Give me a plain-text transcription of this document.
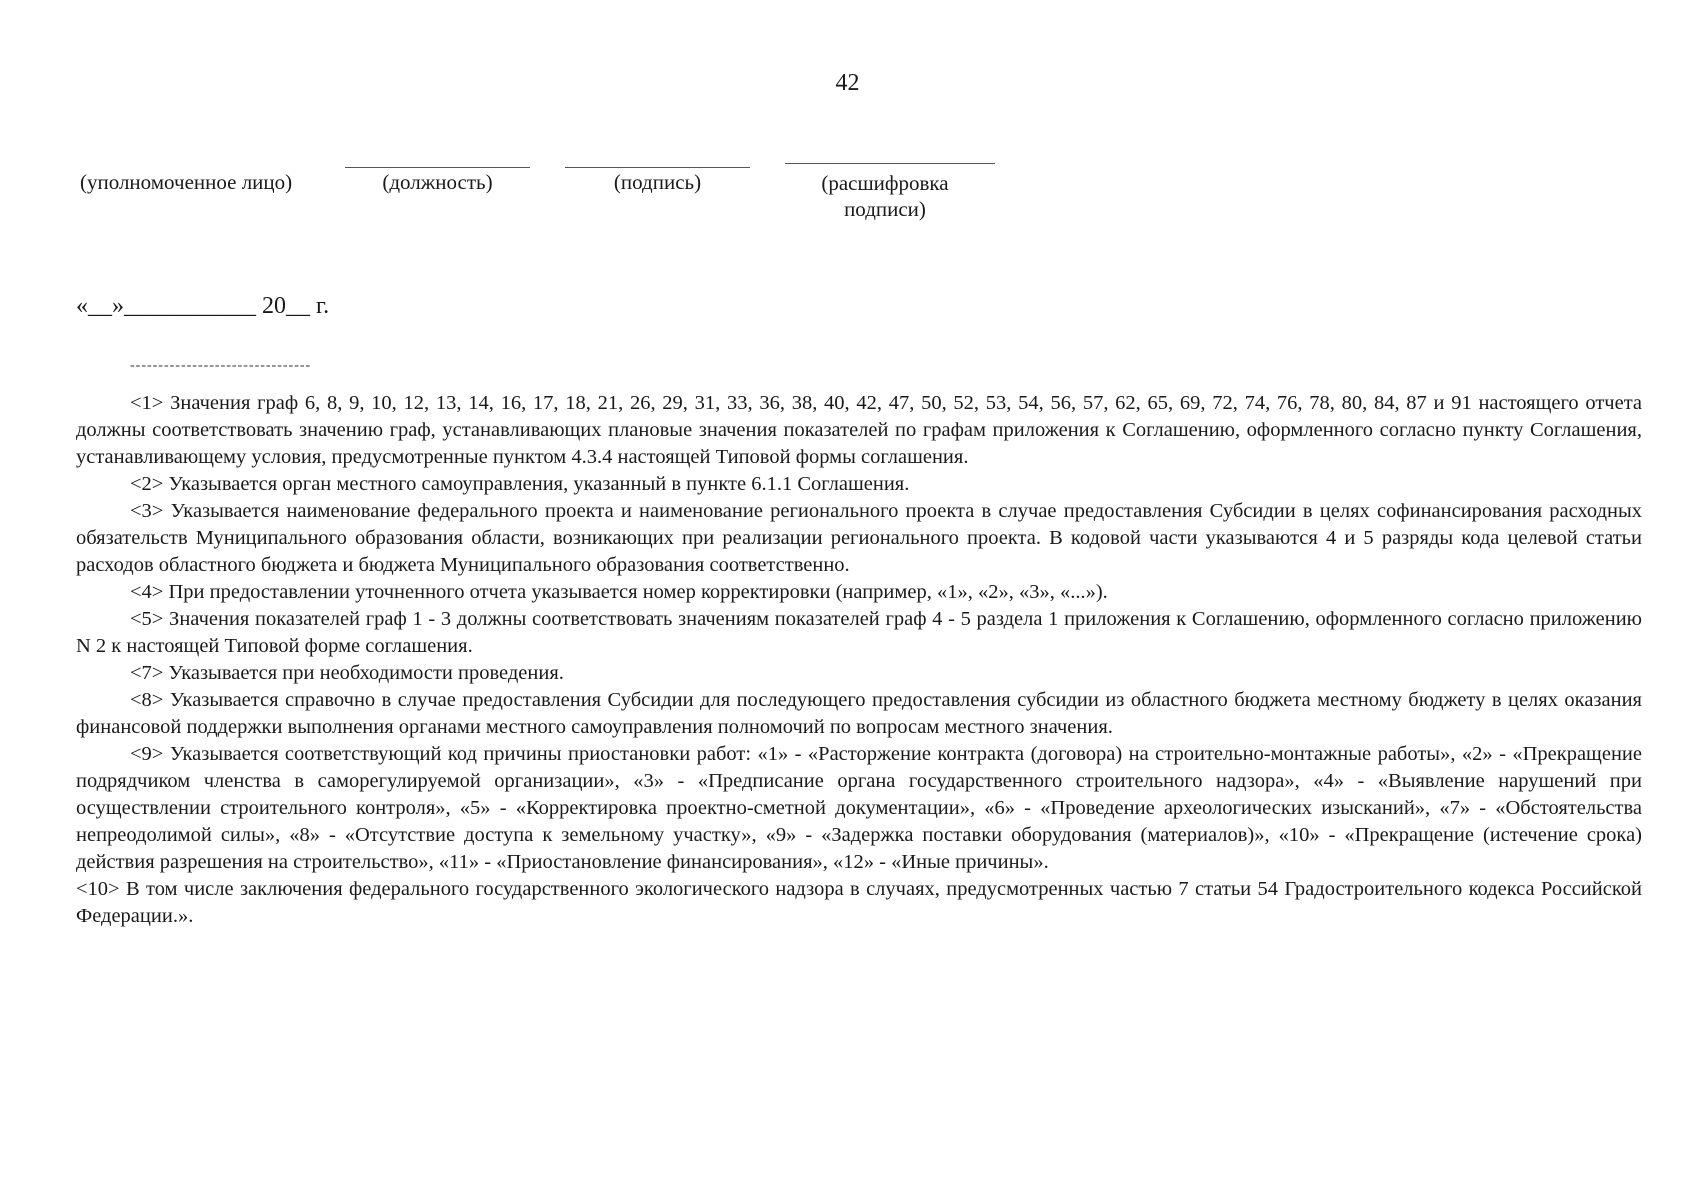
42
(уполномоченное лицо)	(должность)	(подпись)	(расшифровка подписи)
«__»___________ 20__ г.
--------------------------------

<1> Значения граф 6, 8, 9, 10, 12, 13, 14, 16, 17, 18, 21, 26, 29, 31, 33, 36, 38, 40, 42, 47, 50, 52, 53, 54, 56, 57, 62, 65, 69, 72, 74, 76, 78, 80, 84, 87 и 91 настоящего отчета должны соответствовать значению граф, устанавливающих плановые значения показателей по графам приложения к Соглашению, оформленного согласно пункту Соглашения, устанавливающему условия, предусмотренные пунктом 4.3.4 настоящей Типовой формы соглашения.

<2> Указывается орган местного самоуправления, указанный в пункте 6.1.1 Соглашения.

<3> Указывается наименование федерального проекта и наименование регионального проекта в случае предоставления Субсидии в целях софинансирования расходных обязательств Муниципального образования области, возникающих при реализации регионального проекта. В кодовой части указываются 4 и 5 разряды кода целевой статьи расходов областного бюджета и бюджета Муниципального образования соответственно.

<4> При предоставлении уточненного отчета указывается номер корректировки (например, «1», «2», «3», «...»).

<5> Значения показателей граф 1 - 3 должны соответствовать значениям показателей граф 4 - 5 раздела 1 приложения к Соглашению, оформленного согласно приложению N 2 к настоящей Типовой форме соглашения.

<7> Указывается при необходимости проведения.

<8> Указывается справочно в случае предоставления Субсидии для последующего предоставления субсидии из областного бюджета местному бюджету в целях оказания финансовой поддержки выполнения органами местного самоуправления полномочий по вопросам местного значения.

<9> Указывается соответствующий код причины приостановки работ: «1» - «Расторжение контракта (договора) на строительно-монтажные работы», «2» - «Прекращение подрядчиком членства в саморегулируемой организации», «3» - «Предписание органа государственного строительного надзора», «4» - «Выявление нарушений при осуществлении строительного контроля», «5» - «Корректировка проектно-сметной документации», «6» - «Проведение археологических изысканий», «7» - «Обстоятельства непреодолимой силы», «8» - «Отсутствие доступа к земельному участку», «9» - «Задержка поставки оборудования (материалов)», «10» - «Прекращение (истечение срока) действия разрешения на строительство», «11» - «Приостановление финансирования», «12» - «Иные причины».

<10> В том числе заключения федерального государственного экологического надзора в случаях, предусмотренных частью 7 статьи 54 Градостроительного кодекса Российской Федерации.».
